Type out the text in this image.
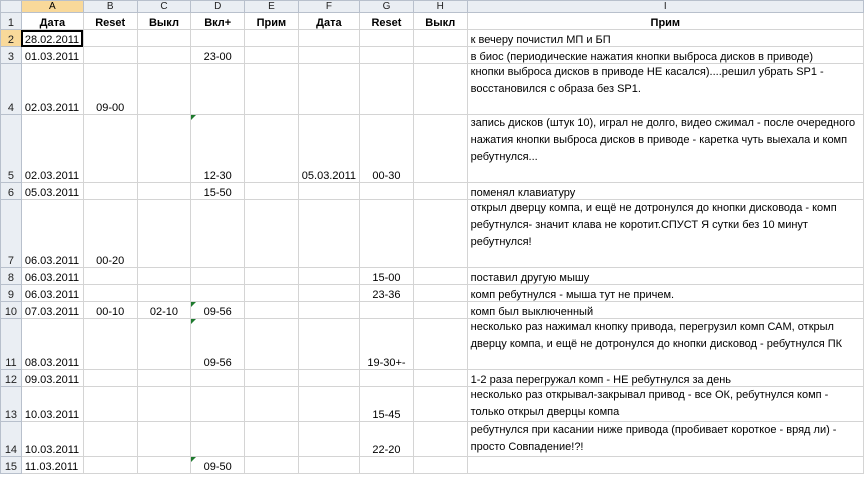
	A	B	C	D	E	F	G	H	I
1	Дата	Reset	Выкл	Вкл+	Прим	Дата	Reset	Выкл	Прим
2	28.02.2011								к вечеру почистил МП и БП
3	01.03.2011			23-00					в биос (периодические нажатия кнопки выброса дисков в приводе)
4	02.03.2011	09-00							кнопки выброса дисков в приводе НЕ касался)....решил убрать SP1 - восстановился с образа без SP1.
5	02.03.2011			12-30		05.03.2011	00-30		запись дисков (штук 10), играл не долго, видео сжимал - после очередного нажатия кнопки выброса дисков в приводе - каретка чуть выехала и комп ребутнулся...
6	05.03.2011			15-50					поменял клавиатуру
7	06.03.2011	00-20							открыл дверцу компа, и ещё не дотронулся до кнопки дисковода - комп ребутнулся- значит клава не коротит.СПУСТ Я сутки без 10 минут ребутнулся!
8	06.03.2011						15-00		поставил другую мышу
9	06.03.2011						23-36		комп ребутнулся - мыша тут не причем.
10	07.03.2011	00-10	02-10	09-56					комп был выключенный
11	08.03.2011			09-56			19-30+-		несколько раз нажимал кнопку привода, перегрузил комп САМ, открыл дверцу компа, и ещё не дотронулся до кнопки дисковод - ребутнулся ПК
12	09.03.2011								1-2 раза перегружал комп - НЕ ребутнулся за день
13	10.03.2011						15-45		несколько раз открывал-закрывал привод - все ОК, ребутнулся комп - только открыл дверцы компа
14	10.03.2011						22-20		ребутнулся при касании ниже привода (пробивает короткое - вряд ли) - просто Совпадение!?!
15	11.03.2011			09-50					
